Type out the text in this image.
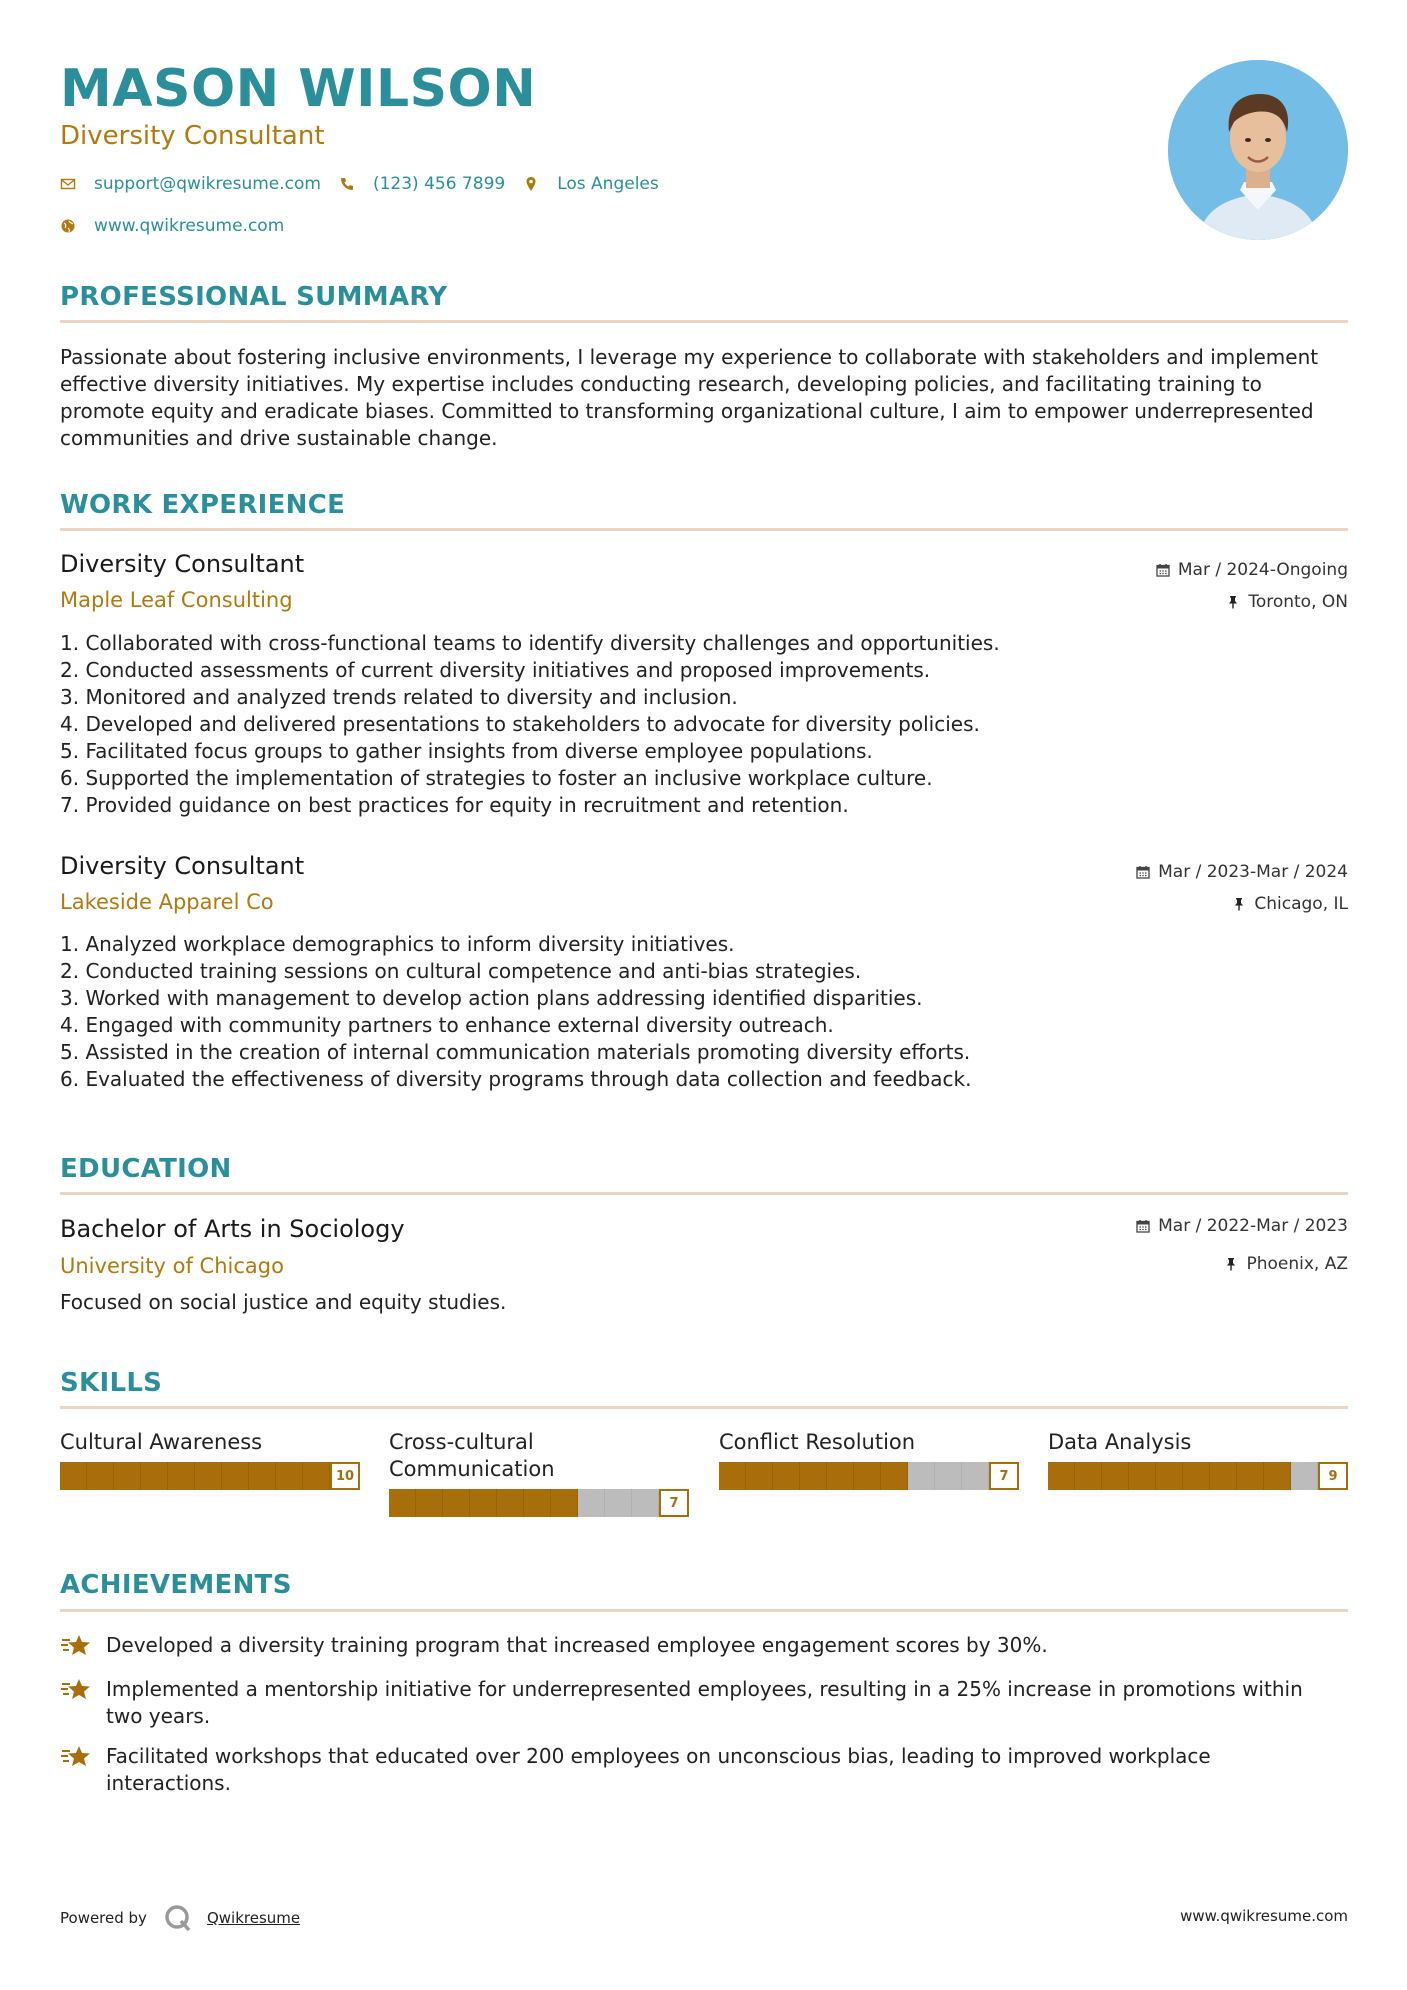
MASON WILSON
Diversity Consultant
support@qwikresume.com	(123) 456 7899	Los Angeles
www.qwikresume.com
PROFESSIONAL SUMMARY
Passionate about fostering inclusive environments, I leverage my experience to collaborate with stakeholders and implement effective diversity initiatives. My expertise includes conducting research, developing policies, and facilitating training to promote equity and eradicate biases. Committed to transforming organizational culture, I aim to empower underrepresented communities and drive sustainable change.
WORK EXPERIENCE
Diversity Consultant
Maple Leaf Consulting
Mar / 2024-Ongoing
Toronto, ON
1. Collaborated with cross-functional teams to identify diversity challenges and opportunities.
2. Conducted assessments of current diversity initiatives and proposed improvements.
3. Monitored and analyzed trends related to diversity and inclusion.
4. Developed and delivered presentations to stakeholders to advocate for diversity policies.
5. Facilitated focus groups to gather insights from diverse employee populations.
6. Supported the implementation of strategies to foster an inclusive workplace culture.
7. Provided guidance on best practices for equity in recruitment and retention.
Diversity Consultant
Lakeside Apparel Co
Mar / 2023-Mar / 2024
Chicago, IL
1. Analyzed workplace demographics to inform diversity initiatives.
2. Conducted training sessions on cultural competence and anti-bias strategies.
3. Worked with management to develop action plans addressing identified disparities.
4. Engaged with community partners to enhance external diversity outreach.
5. Assisted in the creation of internal communication materials promoting diversity efforts.
6. Evaluated the effectiveness of diversity programs through data collection and feedback.
EDUCATION
Bachelor of Arts in Sociology
University of Chicago
Mar / 2022-Mar / 2023
Phoenix, AZ
Focused on social justice and equity studies.
SKILLS
Cultural Awareness
10
Cross-cultural Communication
7
Conflict Resolution
7
Data Analysis
9
ACHIEVEMENTS
Developed a diversity training program that increased employee engagement scores by 30%.
Implemented a mentorship initiative for underrepresented employees, resulting in a 25% increase in promotions within two years.
Facilitated workshops that educated over 200 employees on unconscious bias, leading to improved workplace interactions.
Powered by	Qwikresume	www.qwikresume.com
